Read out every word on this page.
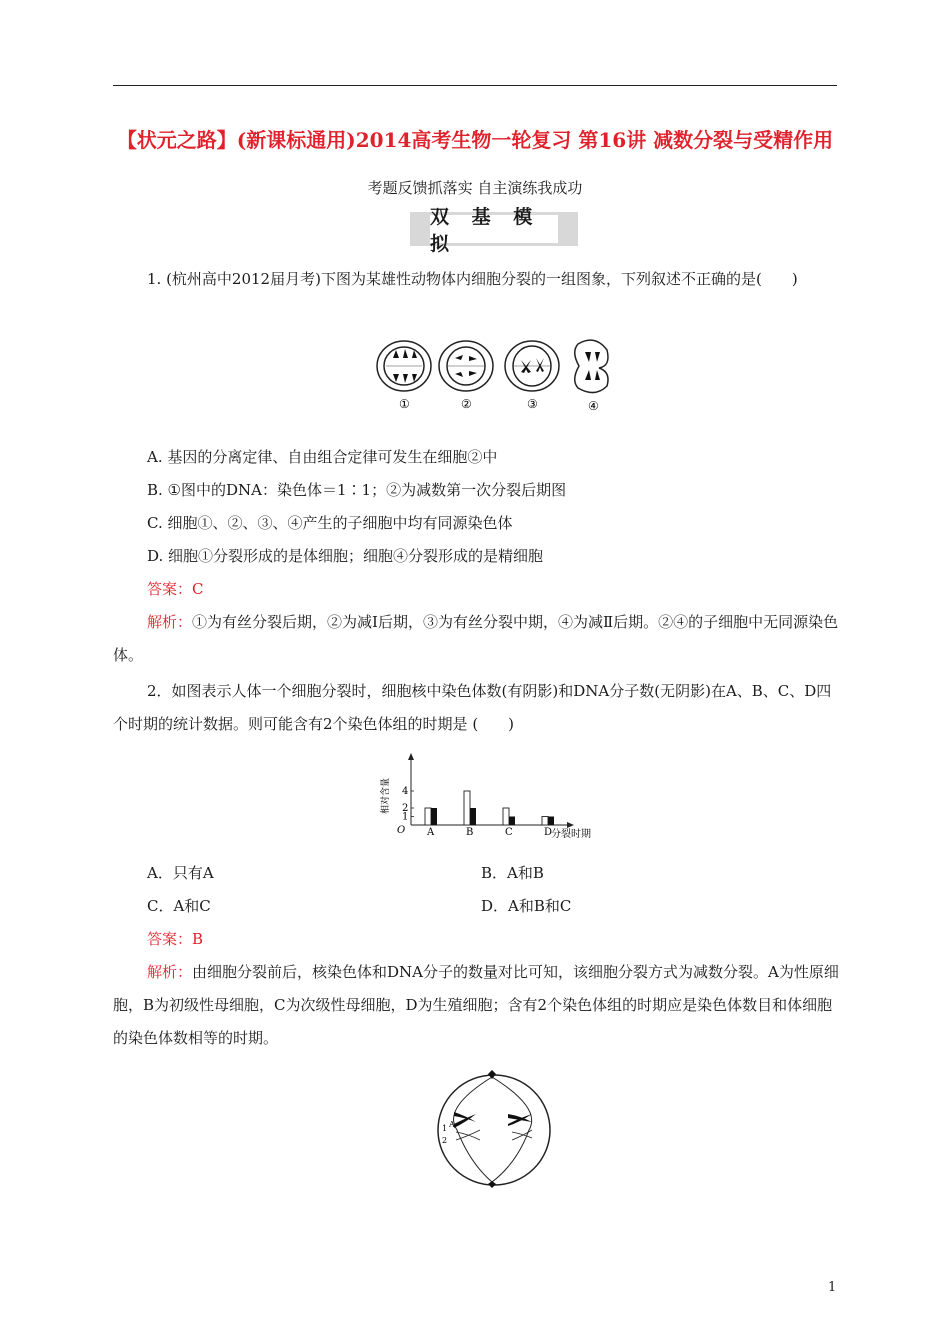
【状元之路】(新课标通用)2014高考生物一轮复习 第16讲 减数分裂与受精作用
考题反馈抓落实 自主演练我成功
双 基 模 拟
1. (杭州高中2012届月考)下图为某雄性动物体内细胞分裂的一组图象，下列叙述不正确的是(　　)
①	②	③	④
A. 基因的分离定律、自由组合定律可发生在细胞②中
B. ①图中的DNA：染色体＝1∶1；②为减数第一次分裂后期图
C. 细胞①、②、③、④产生的子细胞中均有同源染色体
D. 细胞①分裂形成的是体细胞；细胞④分裂形成的是精细胞
答案：C
解析：①为有丝分裂后期，②为减Ⅰ后期，③为有丝分裂中期，④为减Ⅱ后期。②④的子细胞中无同源染色体。
2．如图表示人体一个细胞分裂时，细胞核中染色体数(有阴影)和DNA分子数(无阴影)在A、B、C、D四个时期的统计数据。则可能含有2个染色体组的时期是 (　　)
相对含量
O
1
2
4
A	B	C	D
分裂时期
A．只有A	B．A和B
C．A和C	D．A和B和C
答案：B
解析：由细胞分裂前后，核染色体和DNA分子的数量对比可知，该细胞分裂方式为减数分裂。A为性原细胞，B为初级性母细胞，C为次级性母细胞，D为生殖细胞；含有2个染色体组的时期应是染色体数目和体细胞的染色体数相等的时期。
1 A
2
1
